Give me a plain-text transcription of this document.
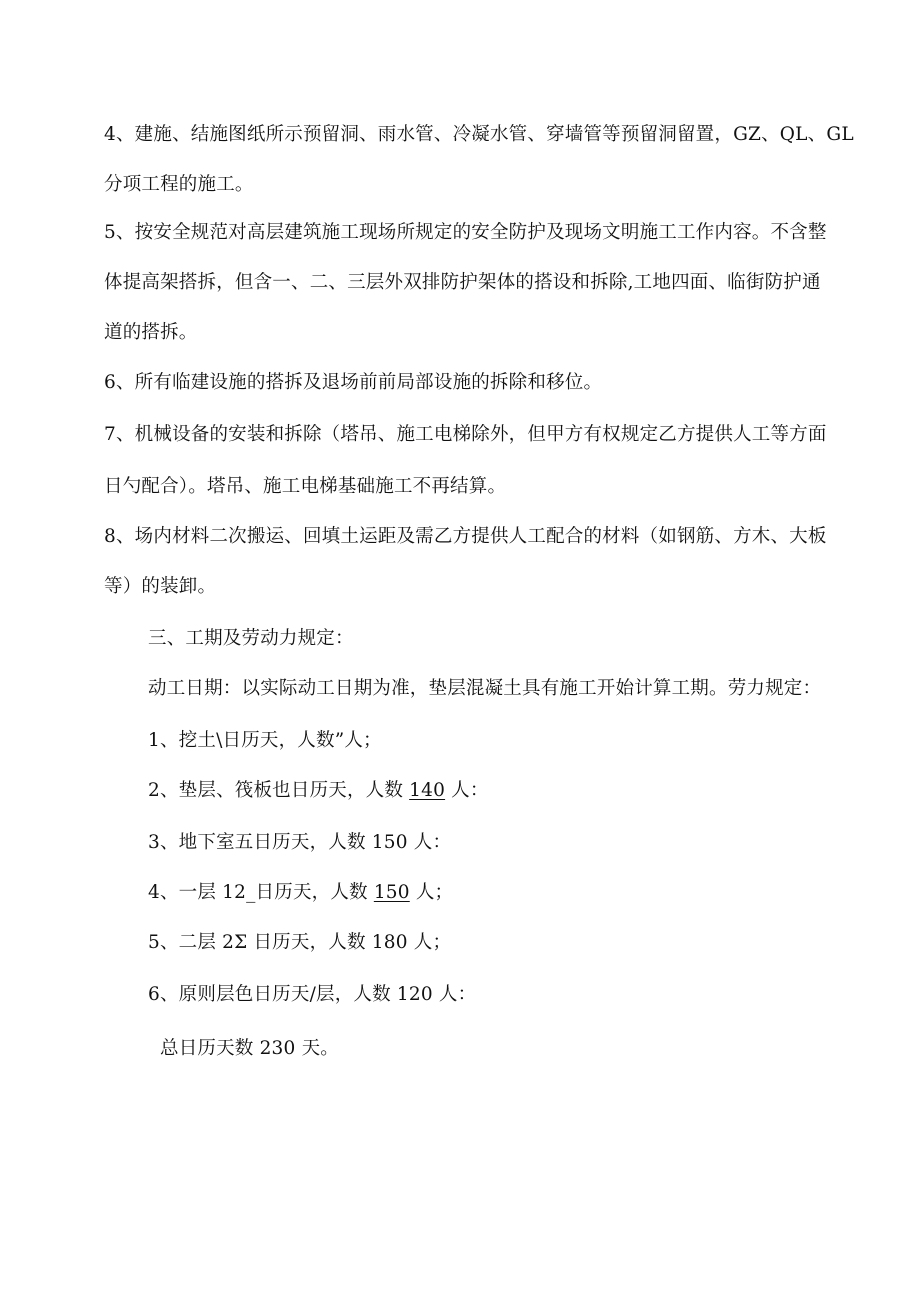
4、建施、结施图纸所示预留洞、雨水管、冷凝水管、穿墙管等预留洞留置，GZ、QL、GL

分项工程的施工。

5、按安全规范对高层建筑施工现场所规定的安全防护及现场文明施工工作内容。不含整

体提高架搭拆，但含一、二、三层外双排防护架体的搭设和拆除,工地四面、临街防护通

道的搭拆。

6、所有临建设施的搭拆及退场前前局部设施的拆除和移位。

7、机械设备的安装和拆除（塔吊、施工电梯除外，但甲方有权规定乙方提供人工等方面

日勺配合）。塔吊、施工电梯基础施工不再结算。

8、场内材料二次搬运、回填土运距及需乙方提供人工配合的材料（如钢筋、方木、大板

等）的装卸。

三、工期及劳动力规定：

动工日期：以实际动工日期为准，垫层混凝土具有施工开始计算工期。劳力规定：

1、挖土\日历天，人数”人；

2、垫层、筏板也日历天，人数 140 人：

3、地下室五日历天，人数 150 人：

4、一层 12_日历天，人数 150 人；

5、二层 2Σ 日历天，人数 180 人；

6、原则层色日历天/层，人数 120 人：

总日历天数 230 天。
